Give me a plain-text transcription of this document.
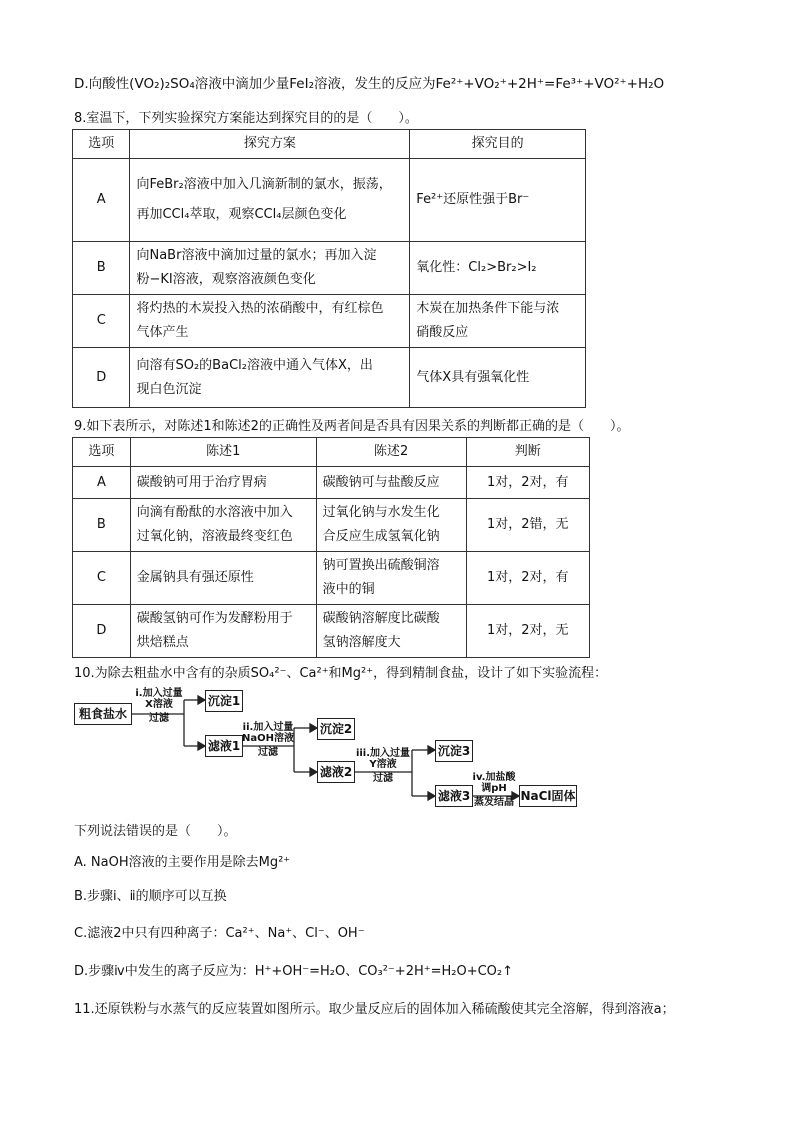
D.向酸性(VO₂)₂SO₄溶液中滴加少量FeI₂溶液，发生的反应为Fe²⁺+VO₂⁺+2H⁺=Fe³⁺+VO²⁺+H₂O
8.室温下，下列实验探究方案能达到探究目的的是（　　）。
选项	探究方案	探究目的
A	向FeBr₂溶液中加入几滴新制的氯水，振荡，
再加CCl₄萃取，观察CCl₄层颜色变化	Fe²⁺还原性强于Br⁻

B	向NaBr溶液中滴加过量的氯水；再加入淀
粉−KI溶液，观察溶液颜色变化	氧化性：Cl₂>Br₂>I₂

C	将灼热的木炭投入热的浓硝酸中，有红棕色
气体产生	木炭在加热条件下能与浓
硝酸反应

D	向溶有SO₂的BaCl₂溶液中通入气体X，出
现白色沉淀	气体X具有强氧化性
9.如下表所示，对陈述1和陈述2的正确性及两者间是否具有因果关系的判断都正确的是（　　）。
选项	陈述1	陈述2	判断
A	碳酸钠可用于治疗胃病	碳酸钠可与盐酸反应	1对，2对，有
B	向滴有酚酞的水溶液中加入
过氧化钠，溶液最终变红色	过氧化钠与水发生化
合反应生成氢氧化钠	1对，2错，无
C	金属钠具有强还原性	钠可置换出硫酸铜溶
液中的铜	1对，2对，有
D	碳酸氢钠可作为发酵粉用于
烘焙糕点	碳酸钠溶解度比碳酸
氢钠溶解度大	1对，2对，无
10.为除去粗盐水中含有的杂质SO₄²⁻、Ca²⁺和Mg²⁺，得到精制食盐，设计了如下实验流程：
粗食盐水
沉淀1
滤液1
沉淀2
滤液2
沉淀3
滤液3	NaCl固体
i.加入过量
X溶液
过滤
ii.加入过量
NaOH溶液
过滤	iii.加入过量
Y溶液
过滤	iv.加盐酸
调pH
蒸发结晶
下列说法错误的是（　　）。
A. NaOH溶液的主要作用是除去Mg²⁺
B.步骤ⅰ、ⅱ的顺序可以互换
C.滤液2中只有四种离子：Ca²⁺、Na⁺、Cl⁻、OH⁻
D.步骤ⅳ中发生的离子反应为：H⁺+OH⁻=H₂O、CO₃²⁻+2H⁺=H₂O+CO₂↑
11.还原铁粉与水蒸气的反应装置如图所示。取少量反应后的固体加入稀硫酸使其完全溶解，得到溶液a；
